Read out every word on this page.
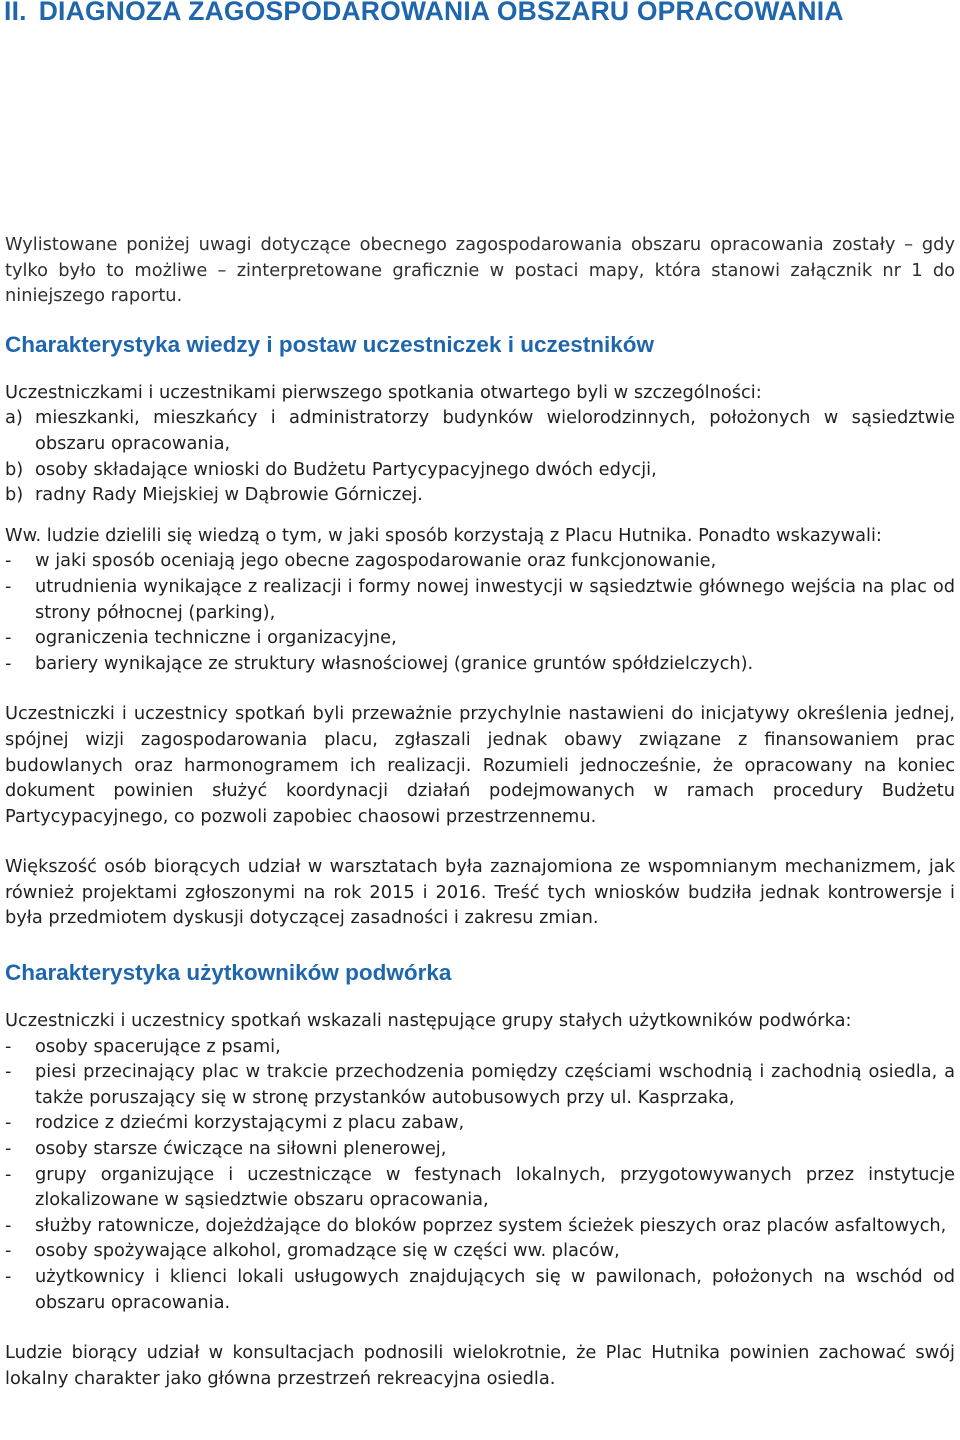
II. DIAGNOZA ZAGOSPODAROWANIA OBSZARU OPRACOWANIA

Wylistowane poniżej uwagi dotyczące obecnego zagospodarowania obszaru opracowania zostały – gdy tylko było to możliwe – zinterpretowane graficznie w postaci mapy, która stanowi załącznik nr 1 do niniejszego raportu.

Charakterystyka wiedzy i postaw uczestniczek i uczestników

Uczestniczkami i uczestnikami pierwszego spotkania otwartego byli w szczególności:

a) mieszkanki, mieszkańcy i administratorzy budynków wielorodzinnych, położonych w sąsiedztwie obszaru opracowania,
b) osoby składające wnioski do Budżetu Partycypacyjnego dwóch edycji,
b) radny Rady Miejskiej w Dąbrowie Górniczej.

Ww. ludzie dzielili się wiedzą o tym, w jaki sposób korzystają z Placu Hutnika. Ponadto wskazywali:

-	w jaki sposób oceniają jego obecne zagospodarowanie oraz funkcjonowanie,
-	utrudnienia wynikające z realizacji i formy nowej inwestycji w sąsiedztwie głównego wejścia na plac od strony północnej (parking),
-	ograniczenia techniczne i organizacyjne,
-	bariery wynikające ze struktury własnościowej (granice gruntów spółdzielczych).

Uczestniczki i uczestnicy spotkań byli przeważnie przychylnie nastawieni do inicjatywy określenia jednej, spójnej wizji zagospodarowania placu, zgłaszali jednak obawy związane z finansowaniem prac budowlanych oraz harmonogramem ich realizacji. Rozumieli jednocześnie, że opracowany na koniec dokument powinien służyć koordynacji działań podejmowanych w ramach procedury Budżetu Partycypacyjnego, co pozwoli zapobiec chaosowi przestrzennemu.

Większość osób biorących udział w warsztatach była zaznajomiona ze wspomnianym mechanizmem, jak również projektami zgłoszonymi na rok 2015 i 2016. Treść tych wniosków budziła jednak kontrowersje i była przedmiotem dyskusji dotyczącej zasadności i zakresu zmian.

Charakterystyka użytkowników podwórka

Uczestniczki i uczestnicy spotkań wskazali następujące grupy stałych użytkowników podwórka:

-	osoby spacerujące z psami,
-	piesi przecinający plac w trakcie przechodzenia pomiędzy częściami wschodnią i zachodnią osiedla, a także poruszający się w stronę przystanków autobusowych przy ul. Kasprzaka,
-	rodzice z dziećmi korzystającymi z placu zabaw,
-	osoby starsze ćwiczące na siłowni plenerowej,
-	grupy organizujące i uczestniczące w festynach lokalnych, przygotowywanych przez instytucje zlokalizowane w sąsiedztwie obszaru opracowania,
-	służby ratownicze, dojeżdżające do bloków poprzez system ścieżek pieszych oraz placów asfaltowych,
-	osoby spożywające alkohol, gromadzące się w części ww. placów,
-	użytkownicy i klienci lokali usługowych znajdujących się w pawilonach, położonych na wschód od obszaru opracowania.

Ludzie biorący udział w konsultacjach podnosili wielokrotnie, że Plac Hutnika powinien zachować swój lokalny charakter jako główna przestrzeń rekreacyjna osiedla.
